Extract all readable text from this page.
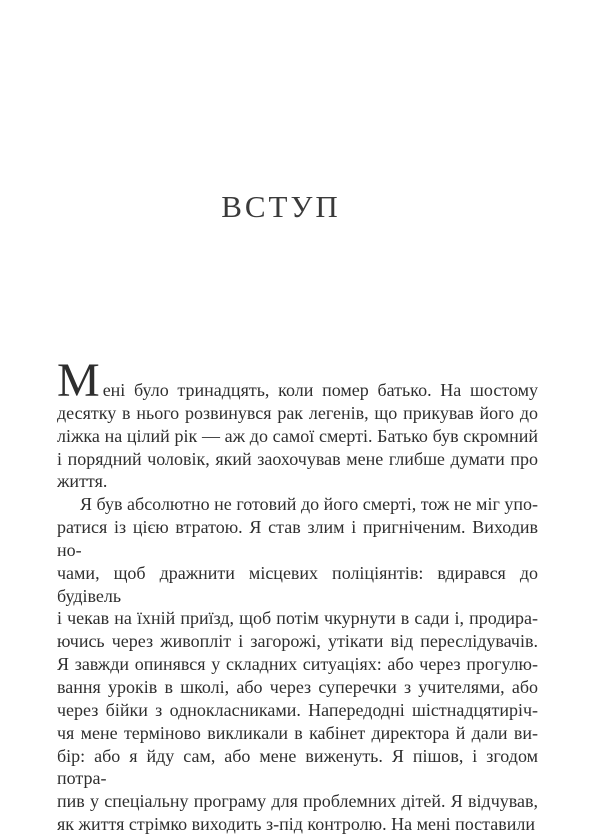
ВСТУП
Мені було тринадцять, коли помер батько. На шостому
десятку в нього розвинувся рак легенів, що прикував його до
ліжка на цілий рік — аж до самої смерті. Батько був скромний
і порядний чоловік, який заохочував мене глибше думати про
життя.
Я був абсолютно не готовий до його смерті, тож не міг упо-
ратися із цією втратою. Я став злим і пригніченим. Виходив но-
чами, щоб дражнити місцевих поліціянтів: вдирався до будівель
і чекав на їхній приїзд, щоб потім чкурнути в сади і, продира-
ючись через живопліт і загорожі, утікати від переслідувачів.
Я завжди опинявся у складних ситуаціях: або через прогулю-
вання уроків в школі, або через суперечки з учителями, або
через бійки з однокласниками. Напередодні шістнадцятиріч-
чя мене терміново викликали в кабінет директора й дали ви-
бір: або я йду сам, або мене виженуть. Я пішов, і згодом потра-
пив у спеціальну програму для проблемних дітей. Я відчував,
як життя стрімко виходить з-під контролю. На мені поставили
